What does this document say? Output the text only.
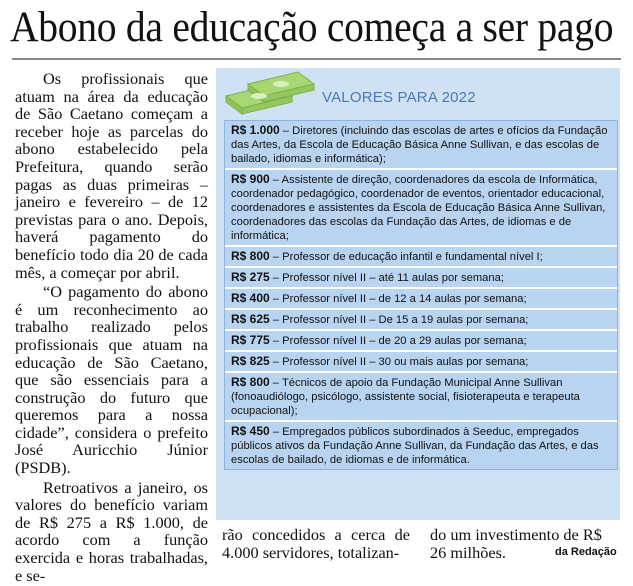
Abono da educação começa a ser pago

Os profissionais que atuam na área da educação de São Caetano começam a receber hoje as parcelas do abono estabelecido pela Prefeitura, quando serão pagas as duas primeiras – janeiro e fevereiro – de 12 previstas para o ano. Depois, haverá pagamento do benefício todo dia 20 de cada mês, a começar por abril.

“O pagamento do abono é um reconhecimento ao trabalho realizado pelos profissionais que atuam na educação de São Caetano, que são essenciais para a construção do futuro que queremos para a nossa cidade”, considera o prefeito José Auricchio Júnior (PSDB).

Retroativos a janeiro, os valores do benefício variam de R$ 275 a R$ 1.000, de acordo com a função exercida e horas trabalhadas, e se-

VALORES PARA 2022
R$ 1.000 – Diretores (incluindo das escolas de artes e ofícios da Fundação das Artes, da Escola de Educação Básica Anne Sullivan, e das escolas de bailado, idiomas e informática);
R$ 900 – Assistente de direção, coordenadores da escola de Informática, coordenador pedagógico, coordenador de eventos, orientador educacional, coordenadores e assistentes da Escola de Educação Básica Anne Sullivan, coordenadores das escolas da Fundação das Artes, de idiomas e de informática;
R$ 800 – Professor de educação infantil e fundamental nível I;
R$ 275 – Professor nível II – até 11 aulas por semana;
R$ 400 – Professor nível II – de 12 a 14 aulas por semana;
R$ 625 – Professor nível II – De 15 a 19 aulas por semana;
R$ 775 – Professor nível II – de 20 a 29 aulas por semana;
R$ 825 – Professor nível II – 30 ou mais aulas por semana;
R$ 800 – Técnicos de apoio da Fundação Municipal Anne Sullivan (fonoaudiólogo, psicólogo, assistente social, fisioterapeuta e terapeuta ocupacional);
R$ 450 – Empregados públicos subordinados à Seeduc, empregados públicos ativos da Fundação Anne Sullivan, da Fundação das Artes, e das escolas de bailado, de idiomas e de informática.
rão concedidos a cerca de 4.000 servidores, totalizan-
do um investimento de R$ 26 milhões.	da Redação
